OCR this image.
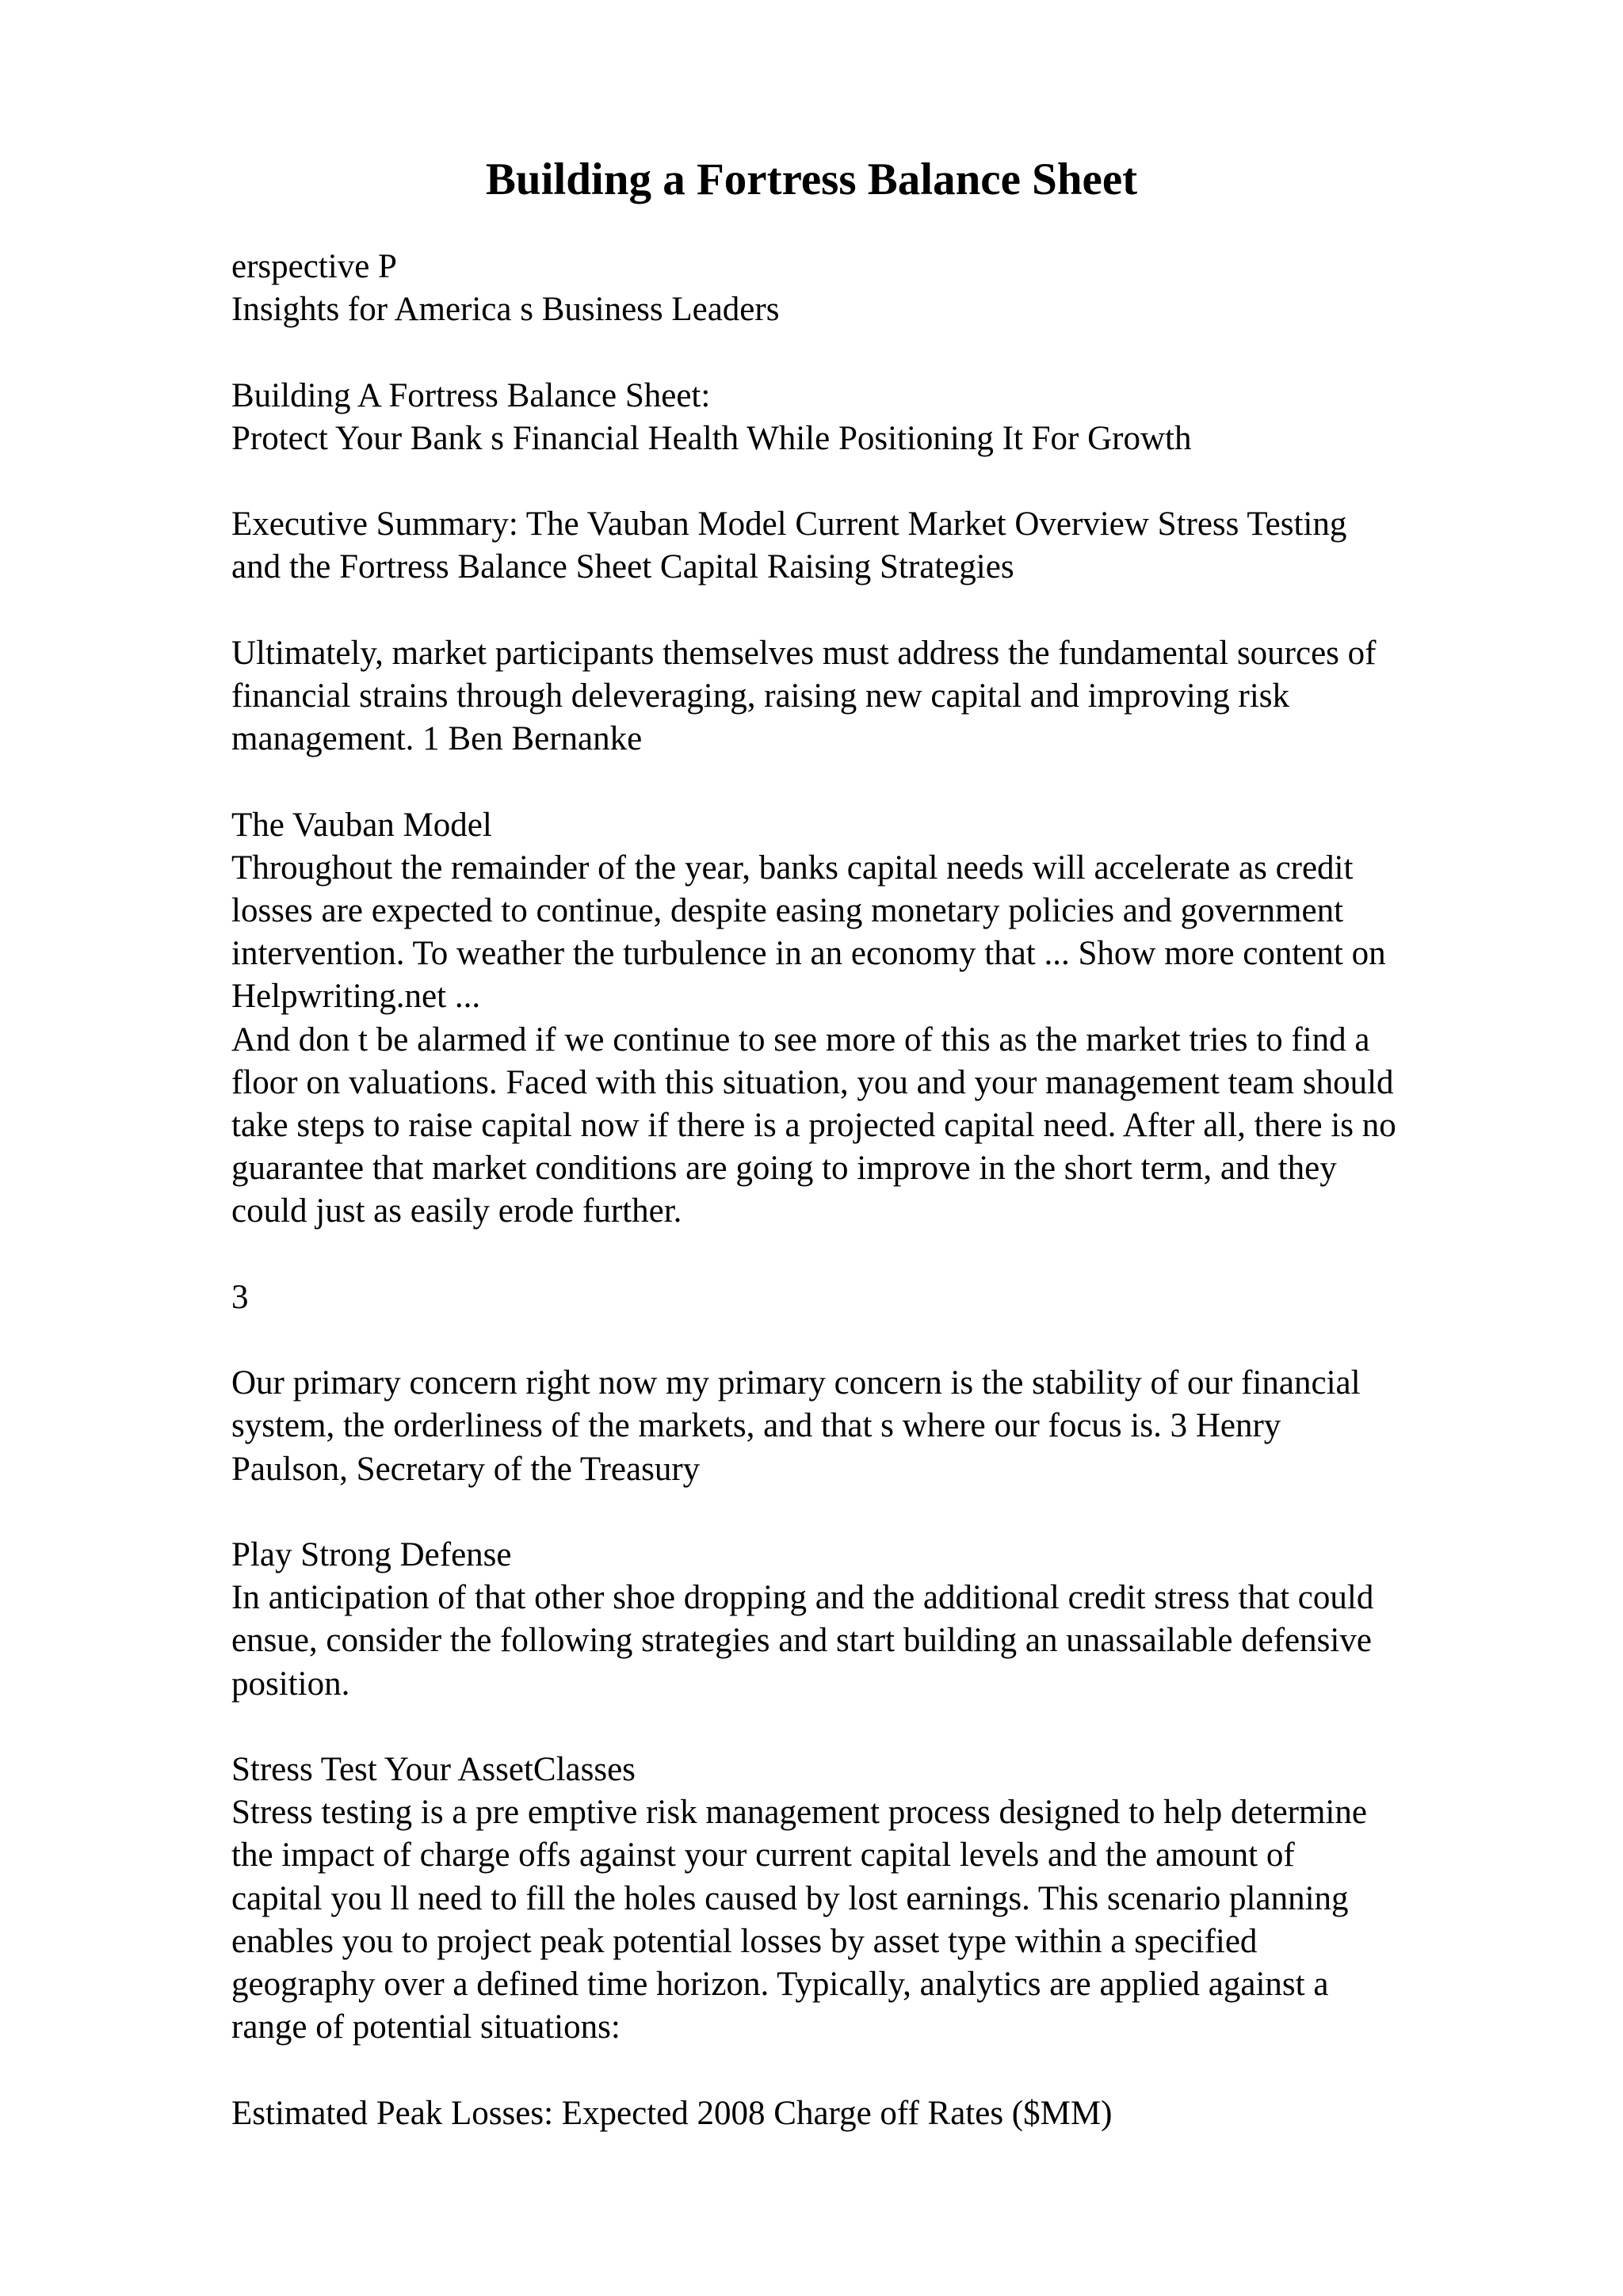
Building a Fortress Balance Sheet

erspective P
Insights for America s Business Leaders

Building A Fortress Balance Sheet:
Protect Your Bank s Financial Health While Positioning It For Growth

Executive Summary: The Vauban Model Current Market Overview Stress Testing
and the Fortress Balance Sheet Capital Raising Strategies

Ultimately, market participants themselves must address the fundamental sources of
financial strains through deleveraging, raising new capital and improving risk
management. 1 Ben Bernanke

The Vauban Model
Throughout the remainder of the year, banks capital needs will accelerate as credit
losses are expected to continue, despite easing monetary policies and government
intervention. To weather the turbulence in an economy that ... Show more content on
Helpwriting.net ...

And don t be alarmed if we continue to see more of this as the market tries to find a
floor on valuations. Faced with this situation, you and your management team should
take steps to raise capital now if there is a projected capital need. After all, there is no
guarantee that market conditions are going to improve in the short term, and they
could just as easily erode further.

3

Our primary concern right now my primary concern is the stability of our financial
system, the orderliness of the markets, and that s where our focus is. 3 Henry
Paulson, Secretary of the Treasury

Play Strong Defense
In anticipation of that other shoe dropping and the additional credit stress that could
ensue, consider the following strategies and start building an unassailable defensive
position.

Stress Test Your AssetClasses
Stress testing is a pre emptive risk management process designed to help determine
the impact of charge offs against your current capital levels and the amount of
capital you ll need to fill the holes caused by lost earnings. This scenario planning
enables you to project peak potential losses by asset type within a specified
geography over a defined time horizon. Typically, analytics are applied against a
range of potential situations:

Estimated Peak Losses: Expected 2008 Charge off Rates ($MM)
